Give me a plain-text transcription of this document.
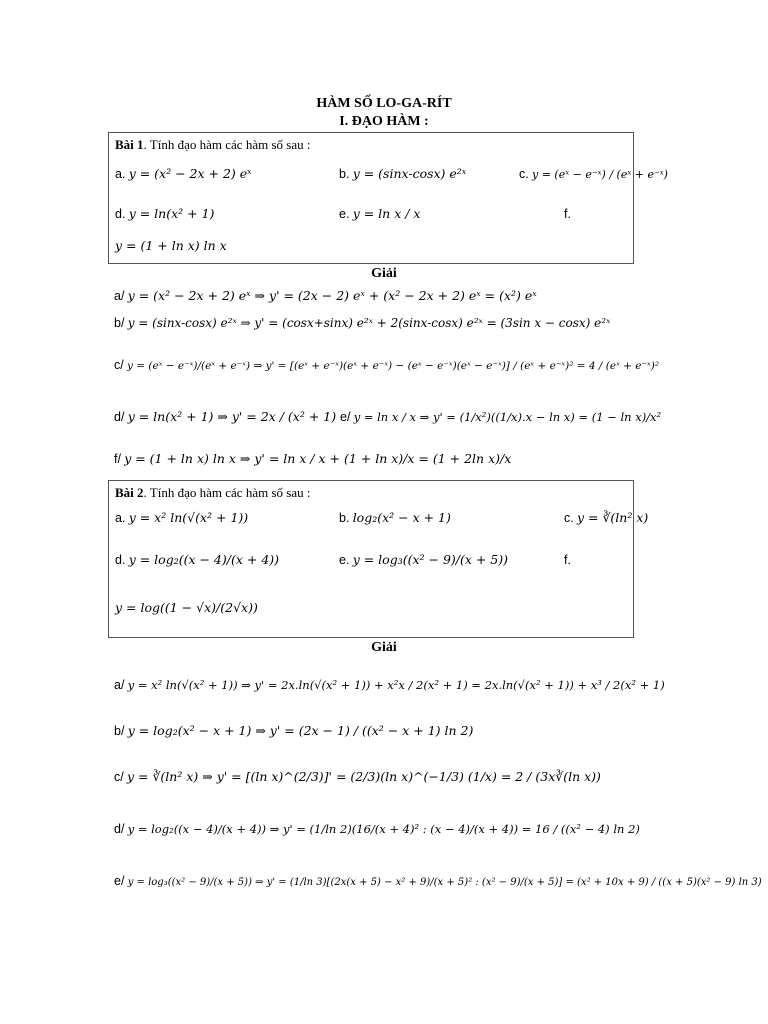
HÀM SỐ LO-GA-RÍT
I. ĐẠO HÀM :
Bài 1. Tính đạo hàm các hàm số sau :
a. y = (x² − 2x + 2) eˣ	b. y = (sinx-cosx) e²ˣ	c. y = (eˣ − e⁻ˣ) / (eˣ + e⁻ˣ)
d. y = ln(x² + 1)	e. y = ln x / x	f.
y = (1 + ln x) ln x
Giải
a/ y = (x² − 2x + 2) eˣ ⇒ y' = (2x − 2) eˣ + (x² − 2x + 2) eˣ = (x²) eˣ
b/ y = (sinx-cosx) e²ˣ ⇒ y' = (cosx+sinx) e²ˣ + 2(sinx-cosx) e²ˣ = (3sin x − cosx) e²ˣ
c/ y = (eˣ − e⁻ˣ)/(eˣ + e⁻ˣ) ⇒ y' = [(eˣ + e⁻ˣ)(eˣ + e⁻ˣ) − (eˣ − e⁻ˣ)(eˣ − e⁻ˣ)] / (eˣ + e⁻ˣ)² = 4 / (eˣ + e⁻ˣ)²
d/ y = ln(x² + 1) ⇒ y' = 2x / (x² + 1) e/ y = ln x / x ⇒ y' = (1/x²)((1/x).x − ln x) = (1 − ln x)/x²
f/ y = (1 + ln x) ln x ⇒ y' = ln x / x + (1 + ln x)/x = (1 + 2ln x)/x
Bài 2. Tính đạo hàm các hàm số sau :
a. y = x² ln(√(x² + 1))	b. log₂(x² − x + 1)	c. y = ∛(ln² x)
d. y = log₂((x − 4)/(x + 4))	e. y = log₃((x² − 9)/(x + 5))	f.
y = log((1 − √x)/(2√x))
Giải
a/ y = x² ln(√(x² + 1)) ⇒ y' = 2x.ln(√(x² + 1)) + x²x / 2(x² + 1) = 2x.ln(√(x² + 1)) + x³ / 2(x² + 1)
b/ y = log₂(x² − x + 1) ⇒ y' = (2x − 1) / ((x² − x + 1) ln 2)
c/ y = ∛(ln² x) ⇒ y' = [(ln x)^(2/3)]' = (2/3)(ln x)^(−1/3) (1/x) = 2 / (3x∛(ln x))
d/ y = log₂((x − 4)/(x + 4)) ⇒ y' = (1/ln 2)(16/(x + 4)² : (x − 4)/(x + 4)) = 16 / ((x² − 4) ln 2)
e/ y = log₃((x² − 9)/(x + 5)) ⇒ y' = (1/ln 3)[(2x(x + 5) − x² + 9)/(x + 5)² : (x² − 9)/(x + 5)] = (x² + 10x + 9) / ((x + 5)(x² − 9) ln 3)
